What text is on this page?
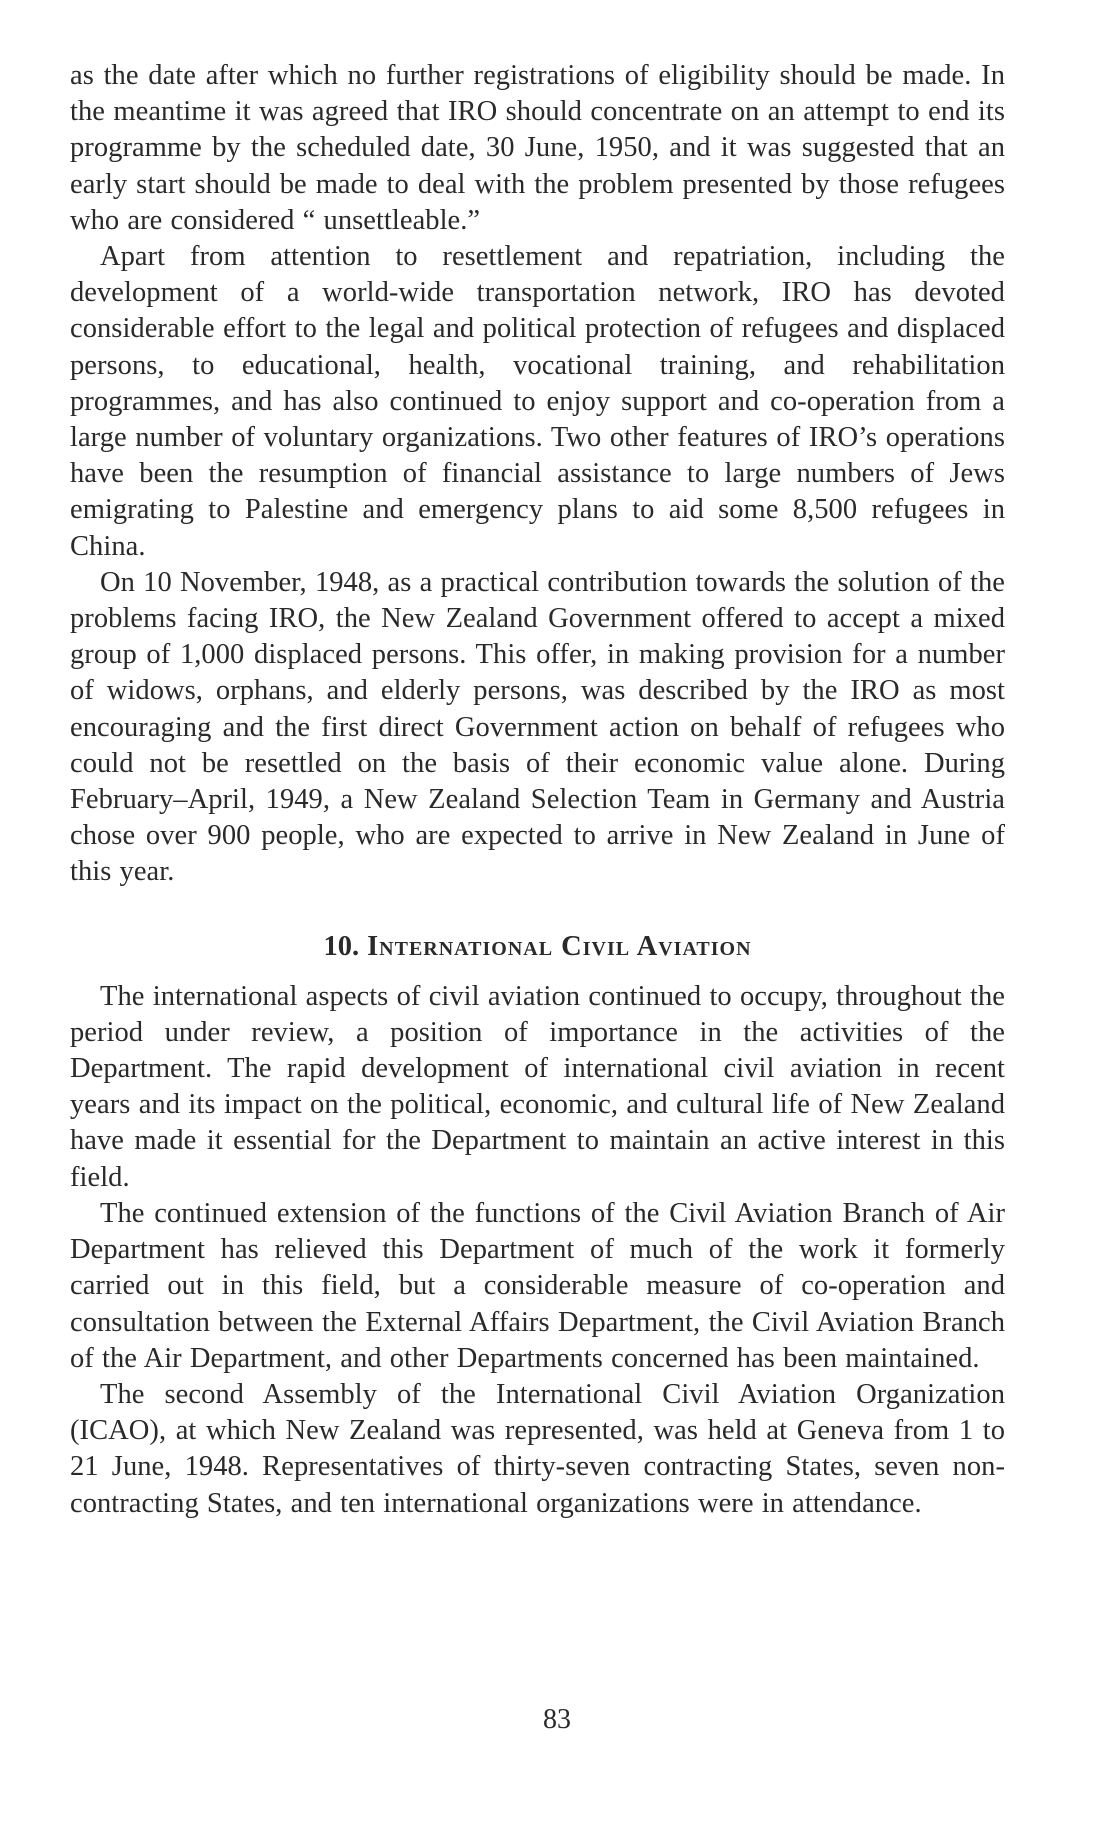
as the date after which no further registrations of eligibility should be made. In the meantime it was agreed that IRO should concentrate on an attempt to end its programme by the scheduled date, 30 June, 1950, and it was suggested that an early start should be made to deal with the problem presented by those refugees who are considered “ unsettleable.”

Apart from attention to resettlement and repatriation, including the development of a world-wide transportation network, IRO has devoted considerable effort to the legal and political protection of refugees and displaced persons, to educational, health, vocational training, and rehabilitation programmes, and has also continued to enjoy support and co-operation from a large number of voluntary organizations. Two other features of IRO’s operations have been the resumption of financial assistance to large numbers of Jews emigrating to Palestine and emergency plans to aid some 8,500 refugees in China.

On 10 November, 1948, as a practical contribution towards the solution of the problems facing IRO, the New Zealand Government offered to accept a mixed group of 1,000 displaced persons. This offer, in making provision for a number of widows, orphans, and elderly persons, was described by the IRO as most encouraging and the first direct Government action on behalf of refugees who could not be resettled on the basis of their economic value alone. During February–April, 1949, a New Zealand Selection Team in Germany and Austria chose over 900 people, who are expected to arrive in New Zealand in June of this year.

10. International Civil Aviation

The international aspects of civil aviation continued to occupy, throughout the period under review, a position of importance in the activities of the Department. The rapid development of international civil aviation in recent years and its impact on the political, economic, and cultural life of New Zealand have made it essential for the Department to maintain an active interest in this field.

The continued extension of the functions of the Civil Aviation Branch of Air Department has relieved this Department of much of the work it formerly carried out in this field, but a considerable measure of co-operation and consultation between the External Affairs Department, the Civil Aviation Branch of the Air Department, and other Departments concerned has been maintained.

The second Assembly of the International Civil Aviation Organization (ICAO), at which New Zealand was represented, was held at Geneva from 1 to 21 June, 1948. Representatives of thirty-seven contracting States, seven non-contracting States, and ten international organizations were in attendance.

83
